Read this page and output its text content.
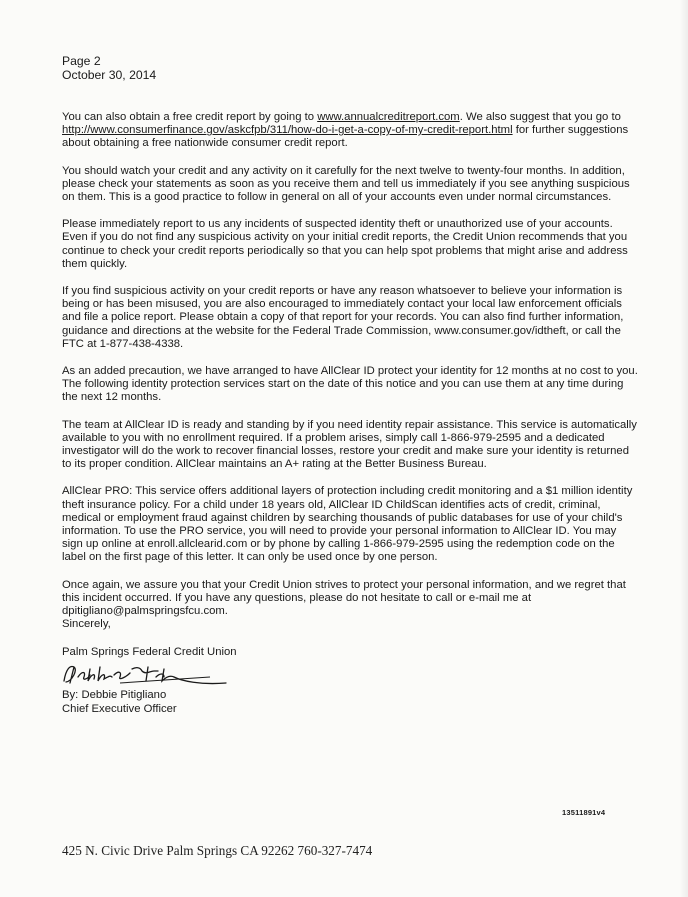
Page 2

October 30, 2014

You can also obtain a free credit report by going to www.annualcreditreport.com. We also suggest that you go to http://www.consumerfinance.gov/askcfpb/311/how-do-i-get-a-copy-of-my-credit-report.html for further suggestions about obtaining a free nationwide consumer credit report.

You should watch your credit and any activity on it carefully for the next twelve to twenty-four months. In addition, please check your statements as soon as you receive them and tell us immediately if you see anything suspicious on them. This is a good practice to follow in general on all of your accounts even under normal circumstances.

Please immediately report to us any incidents of suspected identity theft or unauthorized use of your accounts. Even if you do not find any suspicious activity on your initial credit reports, the Credit Union recommends that you continue to check your credit reports periodically so that you can help spot problems that might arise and address them quickly.

If you find suspicious activity on your credit reports or have any reason whatsoever to believe your information is being or has been misused, you are also encouraged to immediately contact your local law enforcement officials and file a police report. Please obtain a copy of that report for your records. You can also find further information, guidance and directions at the website for the Federal Trade Commission, www.consumer.gov/idtheft, or call the FTC at 1-877-438-4338.

As an added precaution, we have arranged to have AllClear ID protect your identity for 12 months at no cost to you. The following identity protection services start on the date of this notice and you can use them at any time during the next 12 months.

The team at AllClear ID is ready and standing by if you need identity repair assistance. This service is automatically available to you with no enrollment required. If a problem arises, simply call 1-866-979-2595 and a dedicated investigator will do the work to recover financial losses, restore your credit and make sure your identity is returned to its proper condition. AllClear maintains an A+ rating at the Better Business Bureau.

AllClear PRO: This service offers additional layers of protection including credit monitoring and a $1 million identity theft insurance policy. For a child under 18 years old, AllClear ID ChildScan identifies acts of credit, criminal, medical or employment fraud against children by searching thousands of public databases for use of your child's information. To use the PRO service, you will need to provide your personal information to AllClear ID. You may sign up online at enroll.allclearid.com or by phone by calling 1-866-979-2595 using the redemption code on the label on the first page of this letter. It can only be used once by one person.

Once again, we assure you that your Credit Union strives to protect your personal information, and we regret that this incident occurred. If you have any questions, please do not hesitate to call or e-mail me at dpitigliano@palmspringsfcu.com.

Sincerely,

Palm Springs Federal Credit Union
By: Debbie Pitigliano
Chief Executive Officer
13511891v4
425 N. Civic Drive Palm Springs CA 92262 760-327-7474
